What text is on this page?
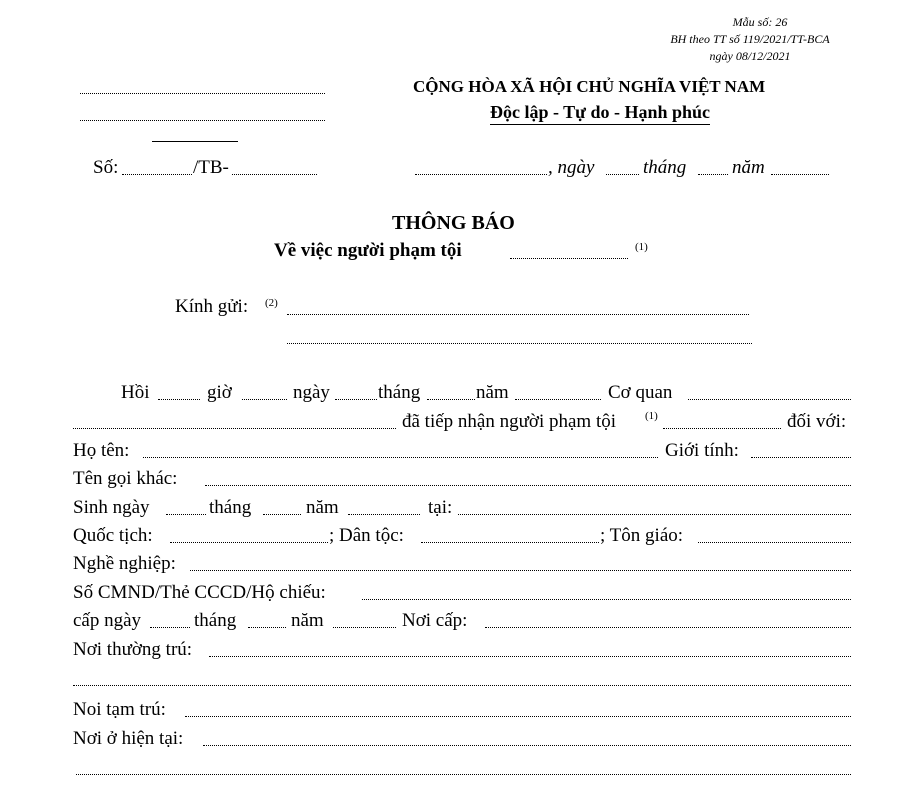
Mẫu số: 26
BH theo TT số 119/2021/TT-BCA
ngày 08/12/2021
CỘNG HÒA XÃ HỘI CHỦ NGHĨA VIỆT NAM
Độc lập - Tự do - Hạnh phúc
Số:	/TB-	, ngày	tháng năm
THÔNG BÁO
Về việc người phạm tội	(1)
Kính gửi: (2)
Hồi	giờ	ngày	tháng	năm	Cơ quan
đã tiếp nhận người phạm tội	(1)	đối với:
Họ tên:	Giới tính:
Tên gọi khác:
Sinh ngày	tháng	năm	tại:
Quốc tịch:	; Dân tộc:	; Tôn giáo:
Nghề nghiệp:
Số CMND/Thẻ CCCD/Hộ chiếu:
cấp ngày	tháng	năm	Nơi cấp:
Nơi thường trú:
Noi tạm trú:
Nơi ở hiện tại:
